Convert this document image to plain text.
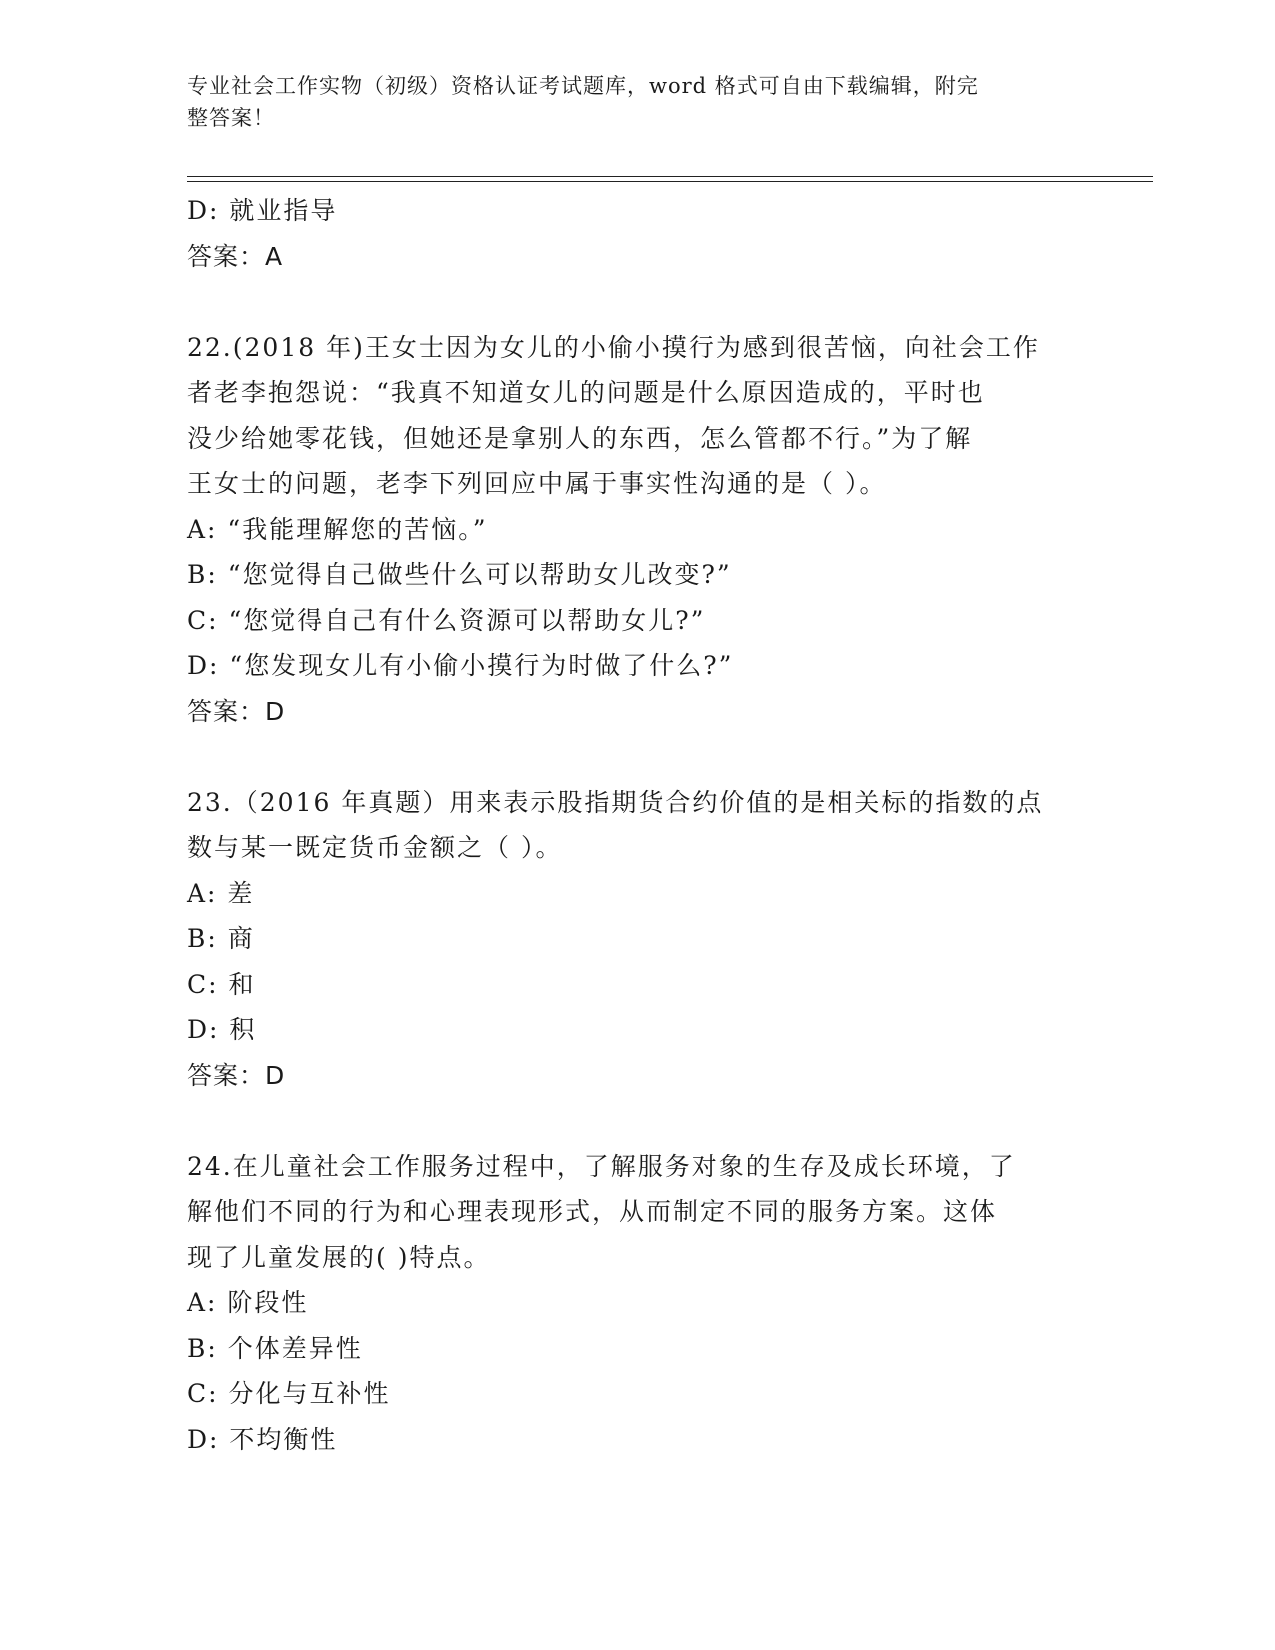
专业社会工作实物（初级）资格认证考试题库，word 格式可自由下载编辑，附完
整答案！
D: 就业指导
答案：A
22.(2018 年)王女士因为女儿的小偷小摸行为感到很苦恼，向社会工作
者老李抱怨说：“我真不知道女儿的问题是什么原因造成的，平时也
没少给她零花钱，但她还是拿别人的东西，怎么管都不行。”为了解
王女士的问题，老李下列回应中属于事实性沟通的是（ ）。
A: “我能理解您的苦恼。”
B: “您觉得自己做些什么可以帮助女儿改变?”
C: “您觉得自己有什么资源可以帮助女儿?”
D: “您发现女儿有小偷小摸行为时做了什么?”
答案：D
23.（2016 年真题）用来表示股指期货合约价值的是相关标的指数的点
数与某一既定货币金额之（ ）。
A: 差
B: 商
C: 和
D: 积
答案：D
24.在儿童社会工作服务过程中，了解服务对象的生存及成长环境，了
解他们不同的行为和心理表现形式，从而制定不同的服务方案。这体
现了儿童发展的( )特点。
A: 阶段性
B: 个体差异性
C: 分化与互补性
D: 不均衡性
